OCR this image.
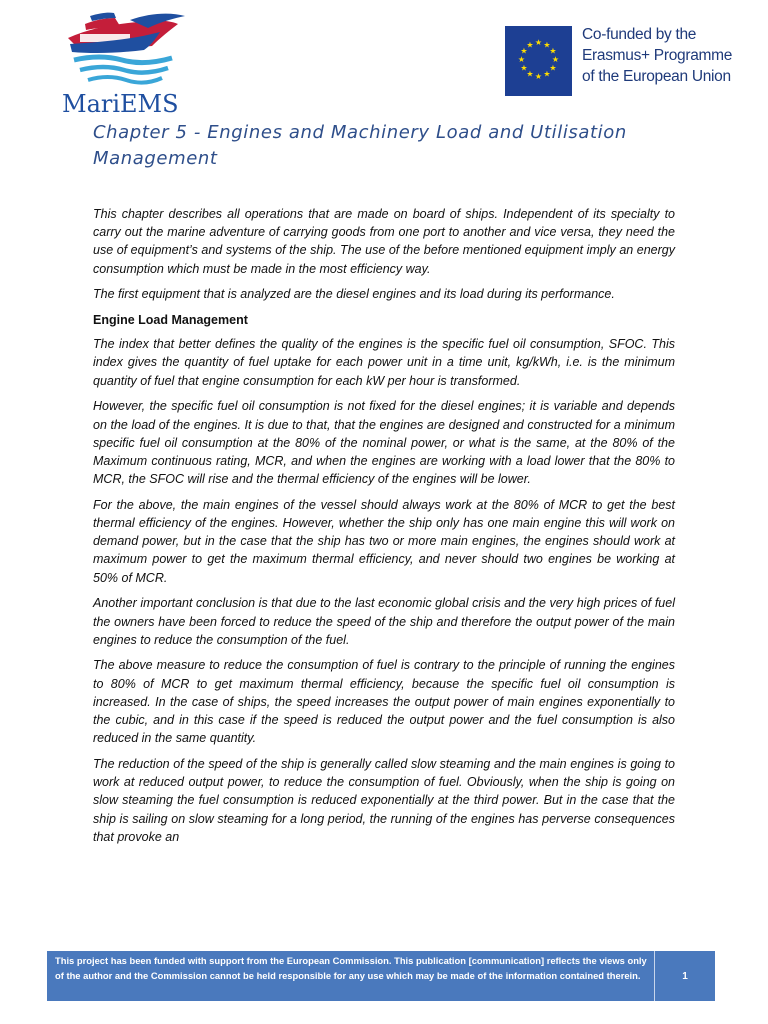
MariEMS
★ ★
★
★
★
★
★
★
★
★
★
★
Co-funded by the
Erasmus+ Programme
of the European Union
Chapter 5 - Engines and Machinery Load and Utilisation Management

This chapter describes all operations that are made on board of ships. Independent of its specialty to carry out the marine adventure of carrying goods from one port to another and vice versa, they need the use of equipment’s and systems of the ship. The use of the before mentioned equipment imply an energy consumption which must be made in the most efficiency way.

The first equipment that is analyzed are the diesel engines and its load during its performance.

Engine Load Management

The index that better defines the quality of the engines is the specific fuel oil consumption, SFOC. This index gives the quantity of fuel uptake for each power unit in a time unit, kg/kWh, i.e. is the minimum quantity of fuel that engine consumption for each kW per hour is transformed.

However, the specific fuel oil consumption is not fixed for the diesel engines; it is variable and depends on the load of the engines. It is due to that, that the engines are designed and constructed for a minimum specific fuel oil consumption at the 80% of the nominal power, or what is the same, at the 80% of the Maximum continuous rating, MCR, and when the engines are working with a load lower that the 80% to MCR, the SFOC will rise and the thermal efficiency of the engines will be lower.

For the above, the main engines of the vessel should always work at the 80% of MCR to get the best thermal efficiency of the engines. However, whether the ship only has one main engine this will work on demand power, but in the case that the ship has two or more main engines, the engines should work at maximum power to get the maximum thermal efficiency, and never should two engines be working at 50% of MCR.

Another important conclusion is that due to the last economic global crisis and the very high prices of fuel the owners have been forced to reduce the speed of the ship and therefore the output power of the main engines to reduce the consumption of the fuel.

The above measure to reduce the consumption of fuel is contrary to the principle of running the engines to 80% of MCR to get maximum thermal efficiency, because the specific fuel oil consumption is increased. In the case of ships, the speed increases the output power of main engines exponentially to the cubic, and in this case if the speed is reduced the output power and the fuel consumption is also reduced in the same quantity.

The reduction of the speed of the ship is generally called slow steaming and the main engines is going to work at reduced output power, to reduce the consumption of fuel. Obviously, when the ship is going on slow steaming the fuel consumption is reduced exponentially at the third power. But in the case that the ship is sailing on slow steaming for a long period, the running of the engines has perverse consequences that provoke an

This project has been funded with support from the European Commission. This publication [communication] reflects the views only of the author and the Commission cannot be held responsible for any use which may be made of the information contained therein.	1
